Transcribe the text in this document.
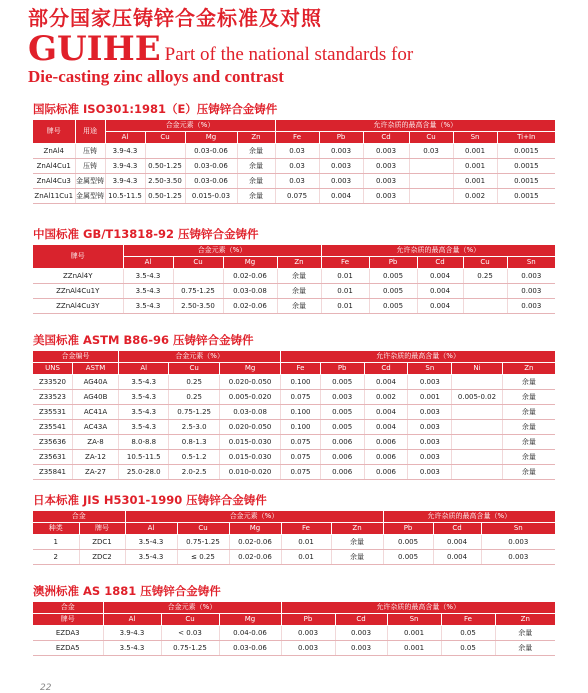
部分国家压铸锌合金标准及对照
GUIHE Part of the national standards for
Die-casting zinc alloys and contrast
国际标准 ISO301:1981（E）压铸锌合金铸件
牌号	用途	合金元素（%）				允许杂质的最高含量（%）					
		Al	Cu	Mg	Zn	Fe	Pb	Cd	Cu	Sn	Ti+In
ZnAl4	压铸	3.9-4.3		0.03-0.06	余量	0.03	0.003	0.003	0.03	0.001	0.0015
ZnAl4Cu1	压铸	3.9-4.3	0.50-1.25	0.03-0.06	余量	0.03	0.003	0.003		0.001	0.0015
ZnAl4Cu3	金属型铸	3.9-4.3	2.50-3.50	0.03-0.06	余量	0.03	0.003	0.003		0.001	0.0015
ZnAl11Cu1	金属型铸	10.5-11.5	0.50-1.25	0.015-0.03	余量	0.075	0.004	0.003		0.002	0.0015
中国标准 GB/T13818-92 压铸锌合金铸件
牌号	合金元素（%）				允许杂质的最高含量（%）				
	Al	Cu	Mg	Zn	Fe	Pb	Cd	Cu	Sn
ZZnAl4Y	3.5-4.3		0.02-0.06	余量	0.01	0.005	0.004	0.25	0.003
ZZnAl4Cu1Y	3.5-4.3	0.75-1.25	0.03-0.08	余量	0.01	0.005	0.004		0.003
ZZnAl4Cu3Y	3.5-4.3	2.50-3.50	0.02-0.06	余量	0.01	0.005	0.004		0.003
美国标准 ASTM B86-96 压铸锌合金铸件
合金编号		合金元素（%）			允许杂质的最高含量（%）					
UNS	ASTM	Al	Cu	Mg	Fe	Pb	Cd	Sn	Ni	Zn
Z33520	AG40A	3.5-4.3	0.25	0.020-0.050	0.100	0.005	0.004	0.003		余量
Z33523	AG40B	3.5-4.3	0.25	0.005-0.020	0.075	0.003	0.002	0.001	0.005-0.02	余量
Z35531	AC41A	3.5-4.3	0.75-1.25	0.03-0.08	0.100	0.005	0.004	0.003		余量
Z35541	AC43A	3.5-4.3	2.5-3.0	0.020-0.050	0.100	0.005	0.004	0.003		余量
Z35636	ZA-8	8.0-8.8	0.8-1.3	0.015-0.030	0.075	0.006	0.006	0.003		余量
Z35631	ZA-12	10.5-11.5	0.5-1.2	0.015-0.030	0.075	0.006	0.006	0.003		余量
Z35841	ZA-27	25.0-28.0	2.0-2.5	0.010-0.020	0.075	0.006	0.006	0.003		余量
日本标准 JIS H5301-1990 压铸锌合金铸件
合金		合金元素（%）					允许杂质的最高含量（%）		
种类	牌号	Al	Cu	Mg	Fe	Zn	Pb	Cd	Sn
1	ZDC1	3.5-4.3	0.75-1.25	0.02-0.06	0.01	余量	0.005	0.004	0.003
2	ZDC2	3.5-4.3	≤ 0.25	0.02-0.06	0.01	余量	0.005	0.004	0.003
澳洲标准 AS 1881 压铸锌合金铸件
合金	合金元素（%）			允许杂质的最高含量（%）				
牌号	Al	Cu	Mg	Pb	Cd	Sn	Fe	Zn
EZDA3	3.9-4.3	< 0.03	0.04-0.06	0.003	0.003	0.001	0.05	余量
EZDA5	3.5-4.3	0.75-1.25	0.03-0.06	0.003	0.003	0.001	0.05	余量
22
